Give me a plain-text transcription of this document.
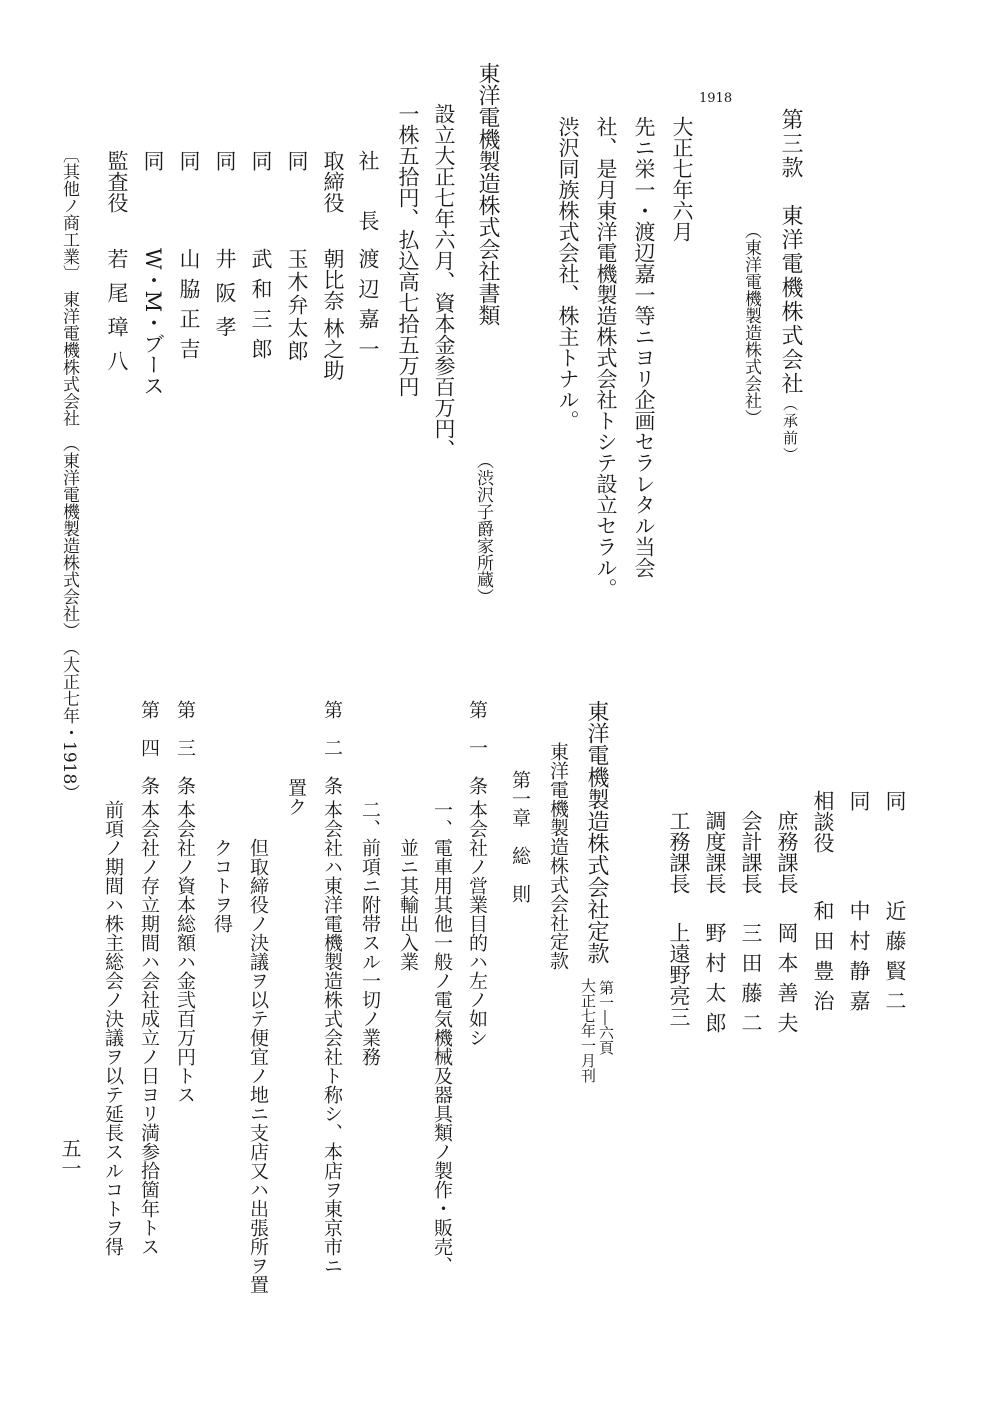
第三款　東洋電機株式会社（承前）
（東洋電機製造株式会社）
1918
大正七年六月
先ニ栄一・渡辺嘉一等ニヨリ企画セラレタル当会
社、是月東洋電機製造株式会社トシテ設立セラル。
渋沢同族株式会社、株主トナル。
東洋電機製造株式会社書類
（渋沢子爵家所蔵）
設立大正七年六月、資本金参百万円、
一株五拾円、払込高七拾五万円
社　長
渡辺嘉一
取締役
朝比奈 林之助
同
玉木弁太郎
同
武和三郎
同
井阪孝
同
山脇正吉
同
W・M・ブース
監査役
若尾璋八
〔其他ノ商工業〕　東洋電機株式会社　（東洋電機製造株式会社）　（大正七年・1918）	同
近藤賢二
同
中村静嘉
相談役
和田豊治
庶務課長
岡本善夫
会計課長
三田藤二
調度課長
野村太郎
工務課長
上遠野亮三
東洋電機製造株式会社定款
第一―六頁
大正七年一月刊
東洋電機製造株式会社定款
第一章　総　則
第　一　条
本会社ノ営業目的ハ左ノ如シ
一、電車用其他一般ノ電気機械及器具類ノ製作・販売、
並ニ其輸出入業
二、前項ニ附帯スル一切ノ業務
第　二　条
本会社ハ東洋電機製造株式会社ト称シ、本店ヲ東京市ニ
置ク
但取締役ノ決議ヲ以テ便宜ノ地ニ支店又ハ出張所ヲ置
クコトヲ得
第　三　条
本会社ノ資本総額ハ金弐百万円トス
第　四　条
本会社ノ存立期間ハ会社成立ノ日ヨリ満参拾箇年トス
前項ノ期間ハ株主総会ノ決議ヲ以テ延長スルコトヲ得
五一
